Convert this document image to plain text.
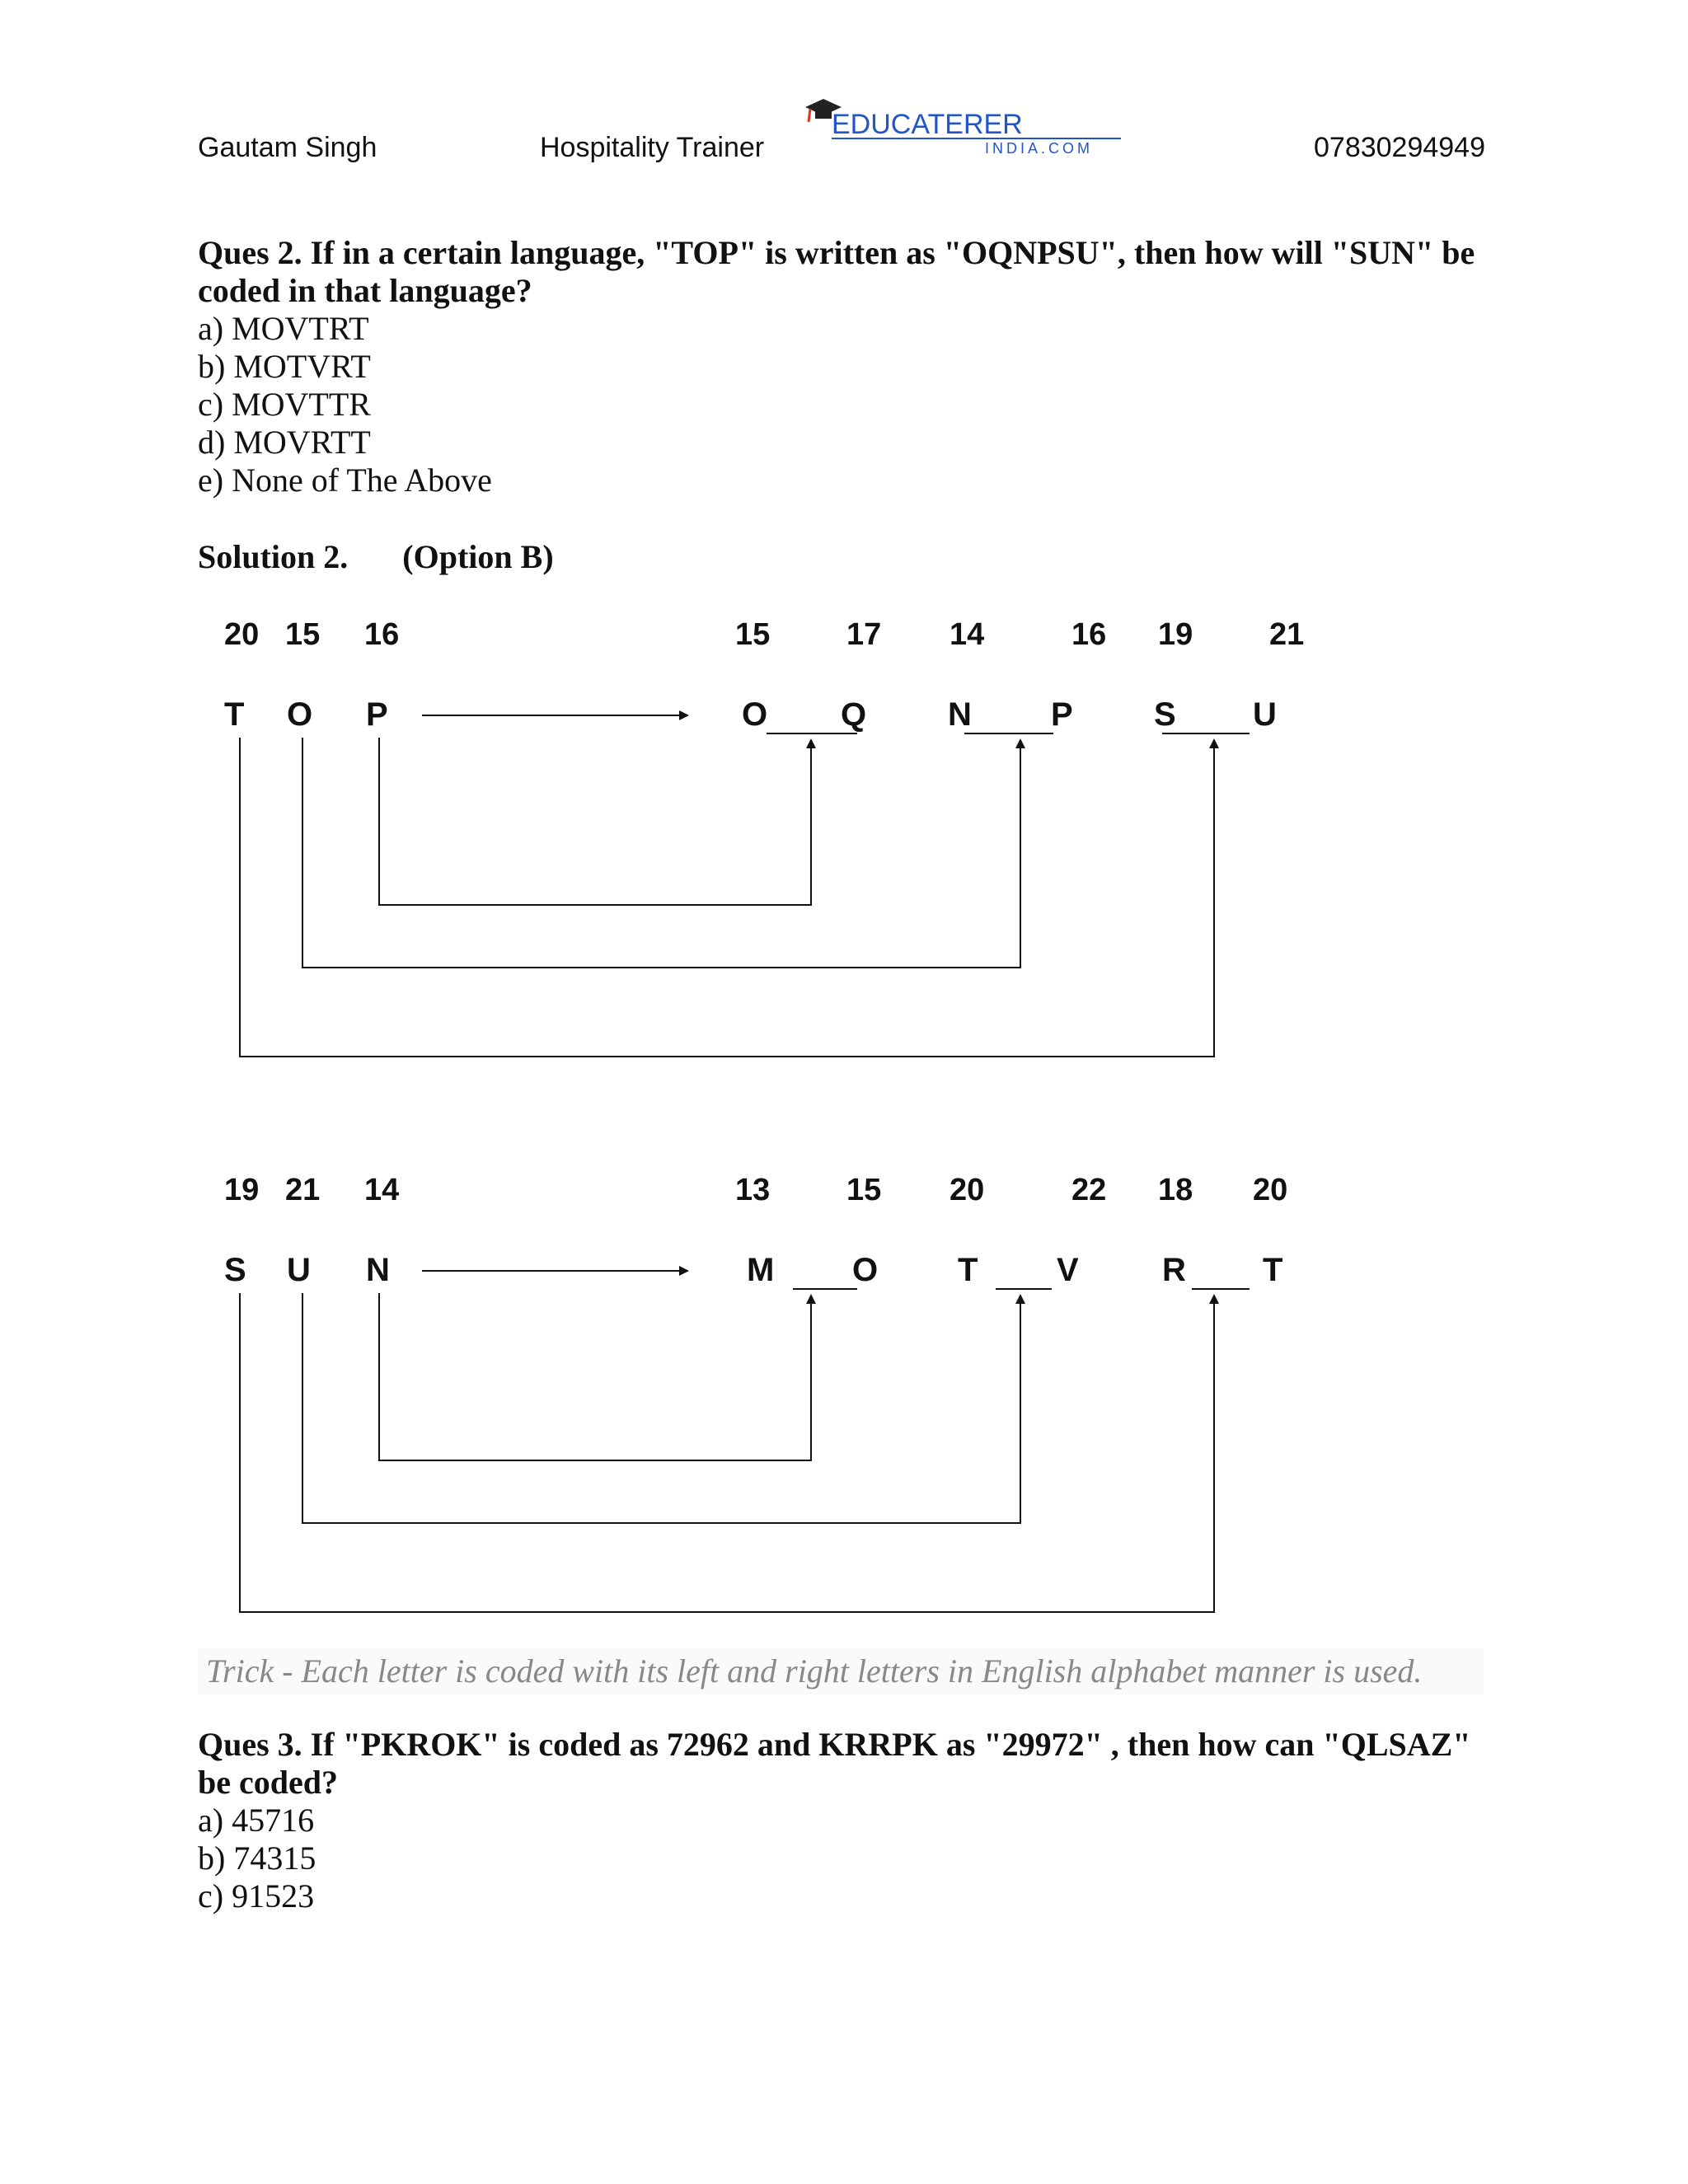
Gautam Singh	Hospitality Trainer
EDUCATERER
INDIA.COM	07830294949
Ques 2. If in a certain language, "TOP" is written as "OQNPSU", then how will "SUN" be coded in that language?
a) MOVTRT
b) MOTVRT
c) MOVTTR
d) MOVRTT
e) None of The Above
Solution 2. (Option B)
20 15 16	15 17 14	16 19 21
T O P	O Q N P S U
19 21 14	13 15 20	22 18 20
S U N	M O T V	R T
Trick - Each letter is coded with its left and right letters in English alphabet manner is used.
Ques 3. If "PKROK" is coded as 72962 and KRRPK as "29972" , then how can "QLSAZ" be coded?
a) 45716
b) 74315
c) 91523
